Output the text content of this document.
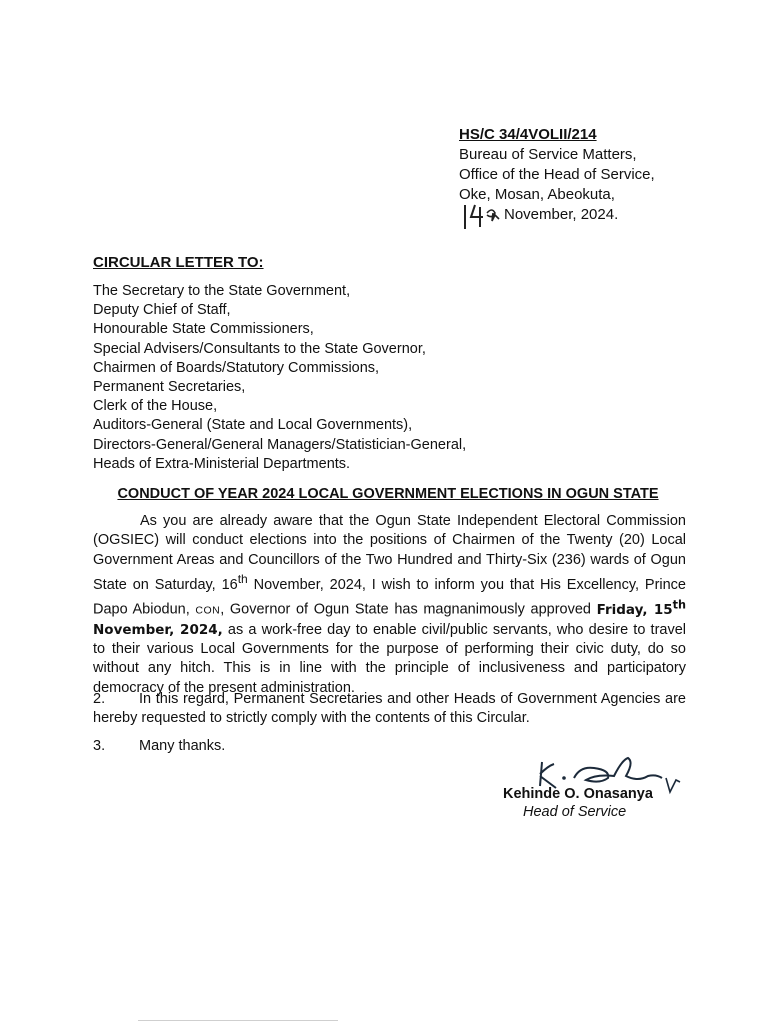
HS/C 34/4VOLII/214
Bureau of Service Matters,
Office of the Head of Service,
Oke, Mosan, Abeokuta,
November, 2024.
CIRCULAR LETTER TO:
The Secretary to the State Government,
Deputy Chief of Staff,
Honourable State Commissioners,
Special Advisers/Consultants to the State Governor,
Chairmen of Boards/Statutory Commissions,
Permanent Secretaries,
Clerk of the House,
Auditors-General (State and Local Governments),
Directors-General/General Managers/Statistician-General,
Heads of Extra-Ministerial Departments.
CONDUCT OF YEAR 2024 LOCAL GOVERNMENT ELECTIONS IN OGUN STATE
As you are already aware that the Ogun State Independent Electoral Commission (OGSIEC) will conduct elections into the positions of Chairmen of the Twenty (20) Local Government Areas and Councillors of the Two Hundred and Thirty-Six (236) wards of Ogun State on Saturday, 16th November, 2024, I wish to inform you that His Excellency, Prince Dapo Abiodun, CON, Governor of Ogun State has magnanimously approved Friday, 15th November, 2024, as a work-free day to enable civil/public servants, who desire to travel to their various Local Governments for the purpose of performing their civic duty, do so without any hitch. This is in line with the principle of inclusiveness and participatory democracy of the present administration.
2. In this regard, Permanent Secretaries and other Heads of Government Agencies are hereby requested to strictly comply with the contents of this Circular.
3. Many thanks.
Kehinde O. Onasanya
Head of Service
